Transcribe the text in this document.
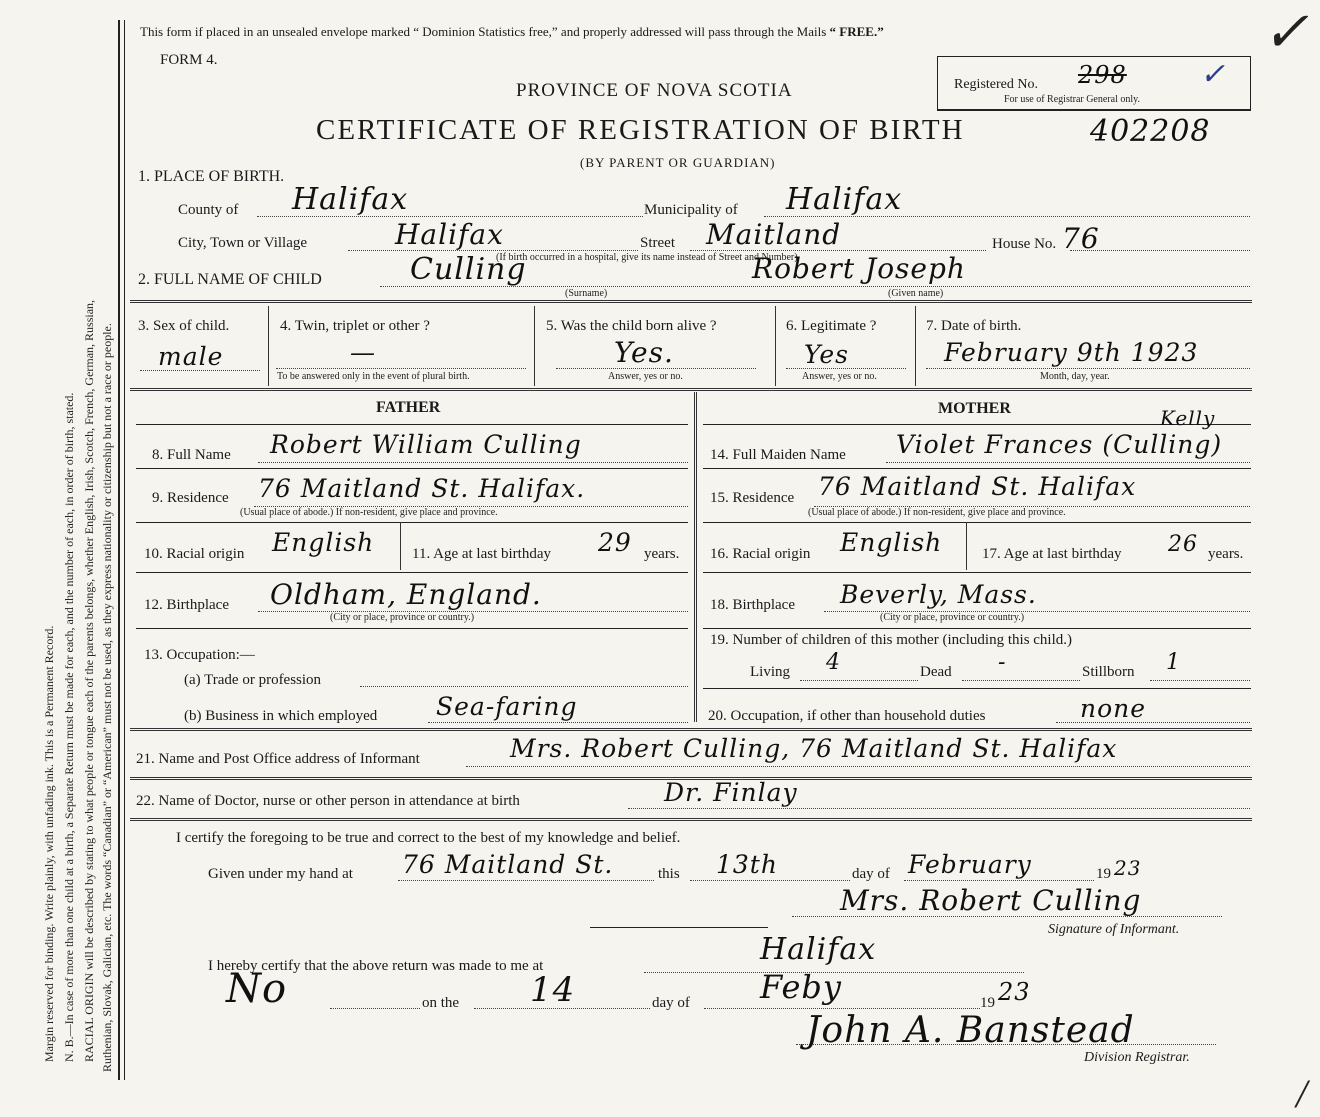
Margin reserved for binding. Write plainly, with unfading ink. This is a Permanent Record. N. B.—In case of more than one child at a birth, a Separate Return must be made for each, and the number of each, in order of birth, stated. RACIAL ORIGIN will be described by stating to what people or tongue each of the parents belongs, whether English, Irish, Scotch, French, German, Russian, Ruthenian, Slovak, Galician, etc. The words “Canadian” or “American” must not be used, as they express nationality or citizenship but not a race or people.
This form if placed in an unsealed envelope marked “ Dominion Statistics free,” and properly addressed will pass through the Mails “ FREE.”
FORM 4.
PROVINCE OF NOVA SCOTIA
CERTIFICATE OF REGISTRATION OF BIRTH	402208
(BY PARENT OR GUARDIAN)
Registered No. 298 ✓
For use of Registrar General only.
✓
1. PLACE OF BIRTH.
County of Halifax	Municipality of Halifax
City, Town or Village	Halifax	Street Maitland	House No. 76
(If birth occurred in a hospital, give its name instead of Street and Number)
2. FULL NAME OF CHILD	Culling
(Surname)
Robert Joseph
(Given name)
3. Sex of child.
male
4. Twin, triplet or other ?
—
To be answered only in the event of plural birth.
5. Was the child born alive ?
Yes.
Answer, yes or no.
6. Legitimate ?
Yes
Answer, yes or no.
7. Date of birth.
February 9th 1923
Month, day, year.
FATHER	MOTHER
8. Full Name Robert William Culling
9. Residence 76 Maitland St. Halifax.
(Usual place of abode.) If non-resident, give place and province.
10. Racial origin English	11. Age at last birthday 29 years.
12. Birthplace Oldham, England.
(City or place, province or country.)
13. Occupation:—
(a) Trade or profession
(b) Business in which employed Sea-faring
Kelly
14. Full Maiden Name Violet Frances (Culling)
15. Residence 76 Maitland St. Halifax
(Usual place of abode.) If non-resident, give place and province.
16. Racial origin English	17. Age at last birthday 26 years.
18. Birthplace Beverly, Mass.
(City or place, province or country.)
19. Number of children of this mother (including this child.)
Living 4	Dead -	Stillborn 1
20. Occupation, if other than household duties	none
21. Name and Post Office address of Informant	Mrs. Robert Culling, 76 Maitland St. Halifax
22. Name of Doctor, nurse or other person in attendance at birth	Dr. Finlay
I certify the foregoing to be true and correct to the best of my knowledge and belief.
Given under my hand at 76 Maitland St.	this 13th	day of February	19 23
Mrs. Robert Culling
Signature of Informant.
I hereby certify that the above return was made to me at	Halifax
No	on the 14	day of Feby	19 23
John A. Banstead
Division Registrar.
/
